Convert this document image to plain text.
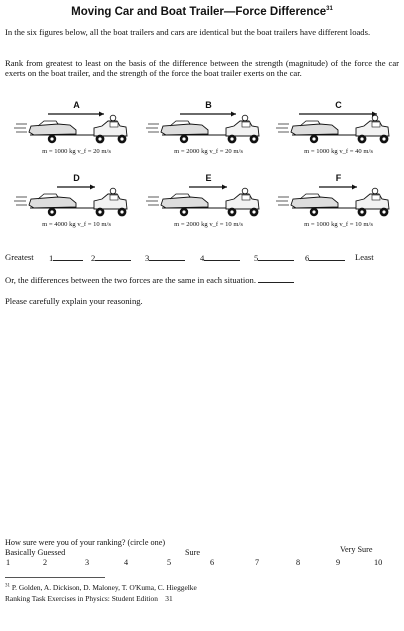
Moving Car and Boat Trailer—Force Difference$^{31}$
In the six figures below, all the boat trailers and cars are identical but the boat trailers have different loads.
Rank from greatest to least on the basis of the difference between the strength (magnitude) of the force the car exerts on the boat trailer, and the strength of the force the boat trailer exerts on the car.
A
m = 1000 kg v_f = 20 m/s
B
m = 2000 kg v_f = 20 m/s
C
m = 1000 kg v_f = 40 m/s
D
m = 4000 kg v_f = 10 m/s
E
m = 2000 kg v_f = 10 m/s
F
m = 1000 kg v_f = 10 m/s
Greatest 1	2	3	4	5	6	Least
Or, the differences between the two forces are the same in each situation.
Please carefully explain your reasoning.
How sure were you of your ranking? (circle one)
Basically Guessed	Sure	Very Sure
1	2	3	4	5	6	7	8	9	10
$^{31}$ P. Golden, A. Dickison, D. Maloney, T. O'Kuma, C. Hieggelke
Ranking Task Exercises in Physics: Student Edition 31
